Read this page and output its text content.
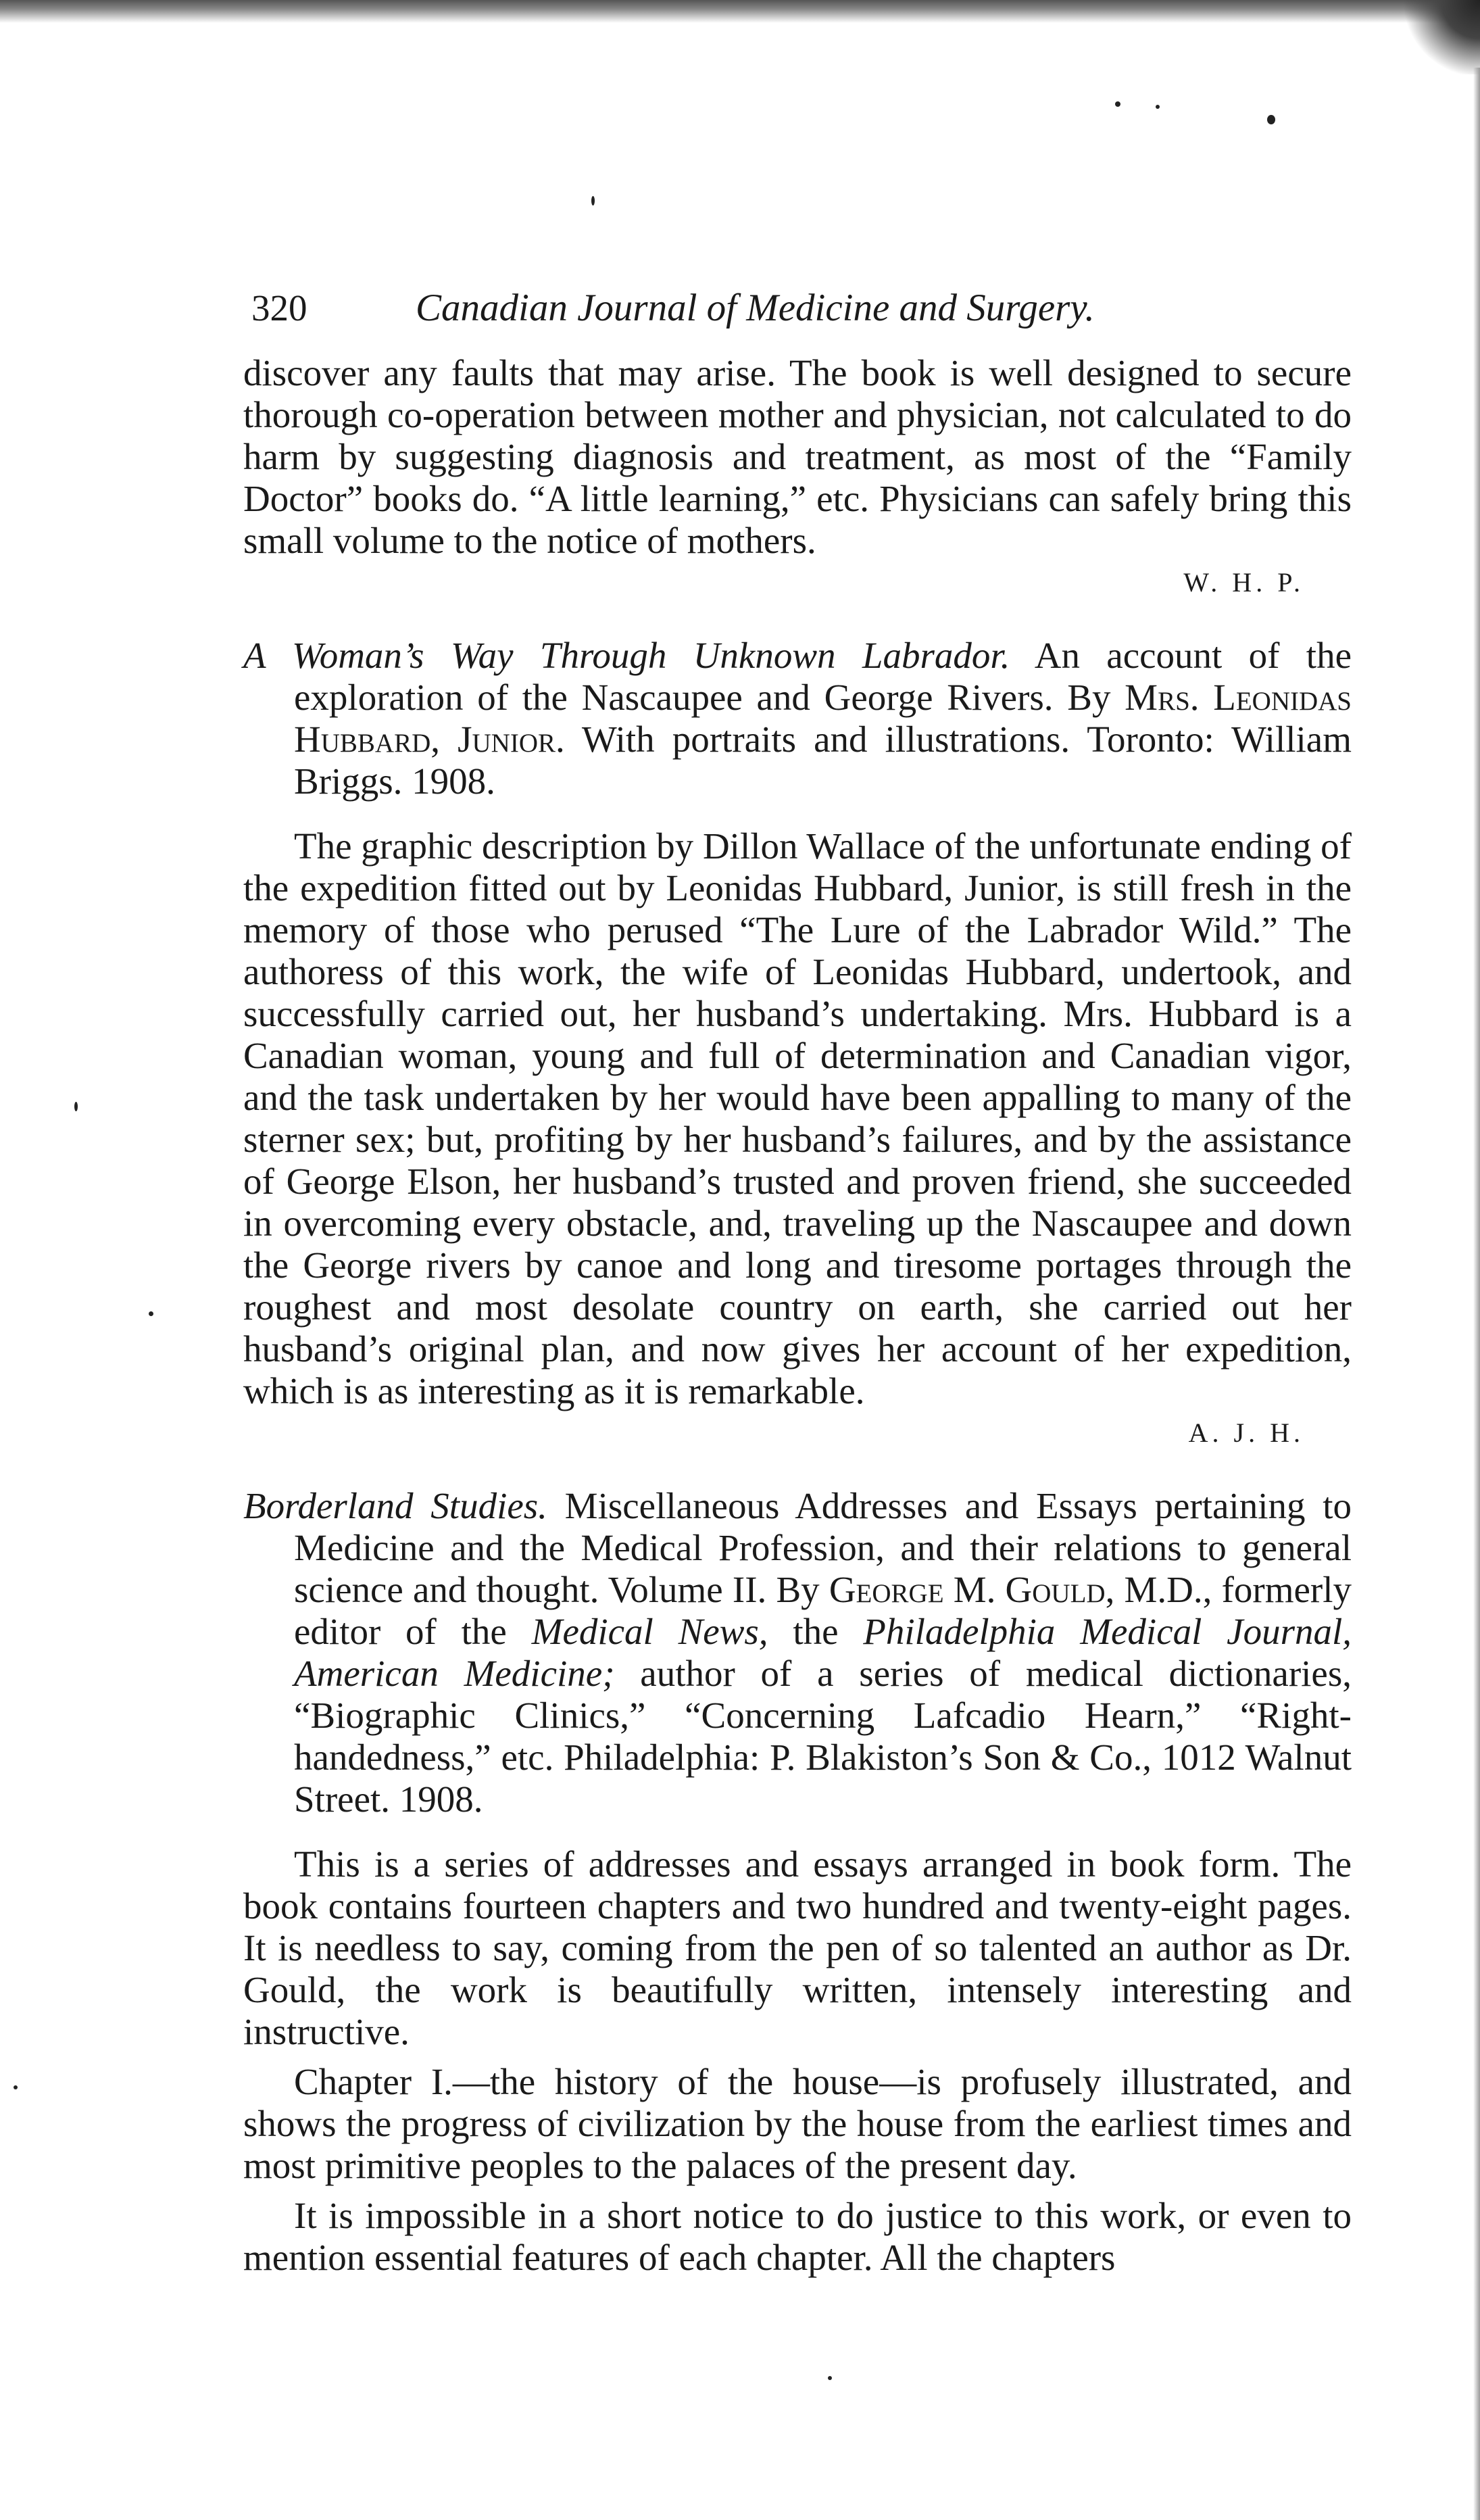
320	Canadian Journal of Medicine and Surgery.

discover any faults that may arise. The book is well designed to secure thorough co-operation between mother and physician, not calculated to do harm by suggesting diagnosis and treatment, as most of the “Family Doctor” books do. “A little learning,” etc. Physicians can safely bring this small volume to the notice of mothers.

W. H. P.

A Woman’s Way Through Unknown Labrador. An account of the exploration of the Nascaupee and George Rivers. By Mrs. Leonidas Hubbard, Junior. With portraits and illustrations. Toronto: William Briggs. 1908.

The graphic description by Dillon Wallace of the unfortunate ending of the expedition fitted out by Leonidas Hubbard, Junior, is still fresh in the memory of those who perused “The Lure of the Labrador Wild.” The authoress of this work, the wife of Leonidas Hubbard, undertook, and successfully carried out, her husband’s undertaking. Mrs. Hubbard is a Canadian woman, young and full of determination and Canadian vigor, and the task undertaken by her would have been appalling to many of the sterner sex; but, profiting by her husband’s failures, and by the assistance of George Elson, her husband’s trusted and proven friend, she succeeded in overcoming every obstacle, and, traveling up the Nascaupee and down the George rivers by canoe and long and tiresome portages through the roughest and most desolate country on earth, she carried out her husband’s original plan, and now gives her account of her expedition, which is as interesting as it is remarkable.

A. J. H.

Borderland Studies. Miscellaneous Addresses and Essays pertaining to Medicine and the Medical Profession, and their relations to general science and thought. Volume II. By George M. Gould, M.D., formerly editor of the Medical News, the Philadelphia Medical Journal, American Medicine; author of a series of medical dictionaries, “Biographic Clinics,” “Concerning Lafcadio Hearn,” “Right-handedness,” etc. Philadelphia: P. Blakiston’s Son & Co., 1012 Walnut Street. 1908.

This is a series of addresses and essays arranged in book form. The book contains fourteen chapters and two hundred and twenty-eight pages. It is needless to say, coming from the pen of so talented an author as Dr. Gould, the work is beautifully written, intensely interesting and instructive.

Chapter I.—the history of the house—is profusely illustrated, and shows the progress of civilization by the house from the earliest times and most primitive peoples to the palaces of the present day.

It is impossible in a short notice to do justice to this work, or even to mention essential features of each chapter. All the chapters
